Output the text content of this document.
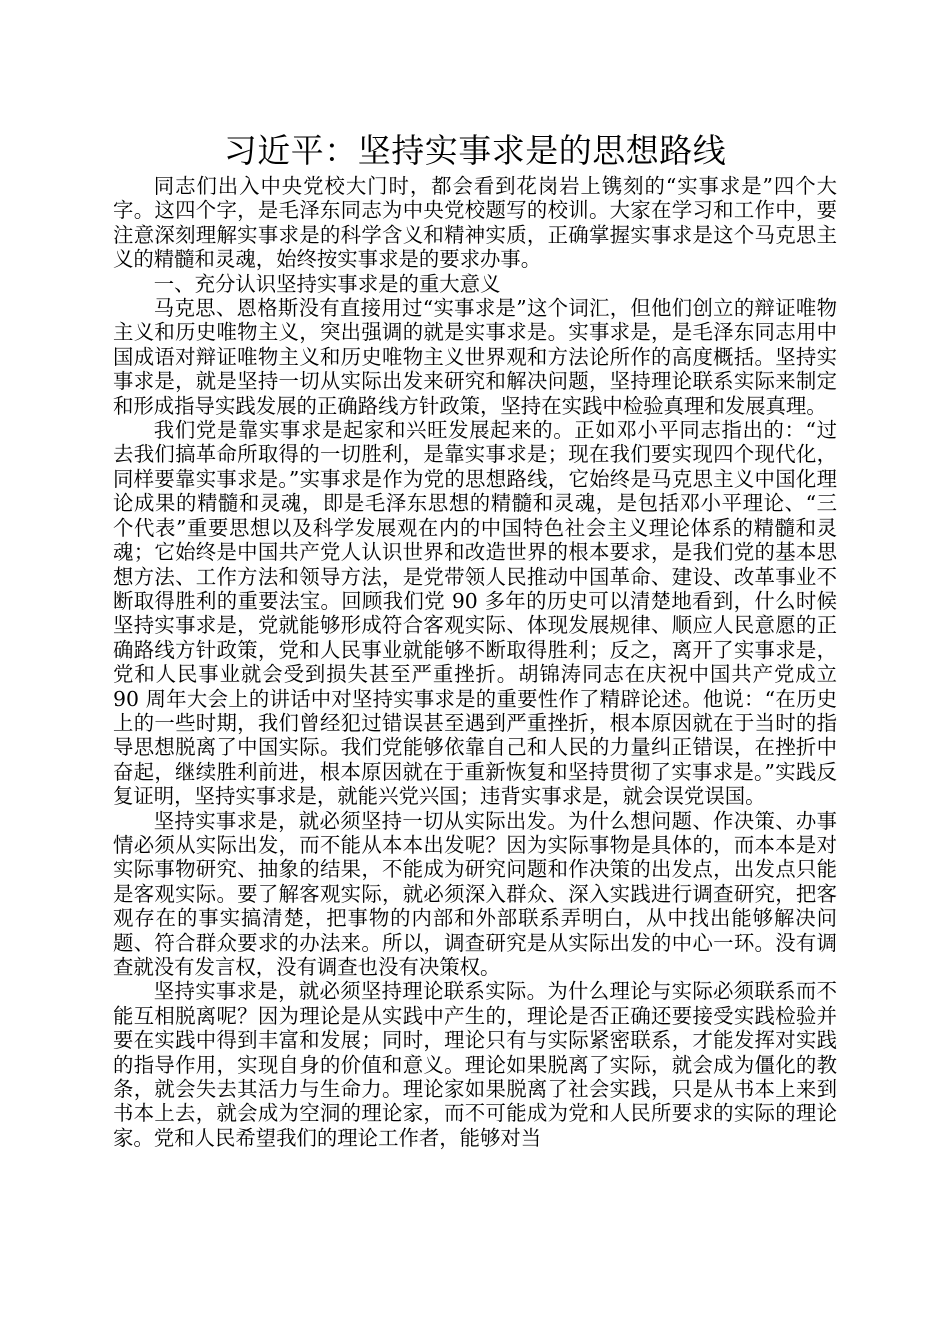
习近平：坚持实事求是的思想路线

同志们出入中央党校大门时，都会看到花岗岩上镌刻的“实事求是”四个大字。这四个字，是毛泽东同志为中央党校题写的校训。大家在学习和工作中，要注意深刻理解实事求是的科学含义和精神实质，正确掌握实事求是这个马克思主义的精髓和灵魂，始终按实事求是的要求办事。

一、充分认识坚持实事求是的重大意义

马克思、恩格斯没有直接用过“实事求是”这个词汇，但他们创立的辩证唯物主义和历史唯物主义，突出强调的就是实事求是。实事求是，是毛泽东同志用中国成语对辩证唯物主义和历史唯物主义世界观和方法论所作的高度概括。坚持实事求是，就是坚持一切从实际出发来研究和解决问题，坚持理论联系实际来制定和形成指导实践发展的正确路线方针政策，坚持在实践中检验真理和发展真理。

我们党是靠实事求是起家和兴旺发展起来的。正如邓小平同志指出的：“过去我们搞革命所取得的一切胜利，是靠实事求是；现在我们要实现四个现代化，同样要靠实事求是。”实事求是作为党的思想路线，它始终是马克思主义中国化理论成果的精髓和灵魂，即是毛泽东思想的精髓和灵魂，是包括邓小平理论、“三个代表”重要思想以及科学发展观在内的中国特色社会主义理论体系的精髓和灵魂；它始终是中国共产党人认识世界和改造世界的根本要求，是我们党的基本思想方法、工作方法和领导方法，是党带领人民推动中国革命、建设、改革事业不断取得胜利的重要法宝。回顾我们党 90 多年的历史可以清楚地看到，什么时候坚持实事求是，党就能够形成符合客观实际、体现发展规律、顺应人民意愿的正确路线方针政策，党和人民事业就能够不断取得胜利；反之，离开了实事求是，党和人民事业就会受到损失甚至严重挫折。胡锦涛同志在庆祝中国共产党成立 90 周年大会上的讲话中对坚持实事求是的重要性作了精辟论述。他说：“在历史上的一些时期，我们曾经犯过错误甚至遇到严重挫折，根本原因就在于当时的指导思想脱离了中国实际。我们党能够依靠自己和人民的力量纠正错误，在挫折中奋起，继续胜利前进，根本原因就在于重新恢复和坚持贯彻了实事求是。”实践反复证明，坚持实事求是，就能兴党兴国；违背实事求是，就会误党误国。

坚持实事求是，就必须坚持一切从实际出发。为什么想问题、作决策、办事情必须从实际出发，而不能从本本出发呢？因为实际事物是具体的，而本本是对实际事物研究、抽象的结果，不能成为研究问题和作决策的出发点，出发点只能是客观实际。要了解客观实际，就必须深入群众、深入实践进行调查研究，把客观存在的事实搞清楚，把事物的内部和外部联系弄明白，从中找出能够解决问题、符合群众要求的办法来。所以，调查研究是从实际出发的中心一环。没有调查就没有发言权，没有调查也没有决策权。

坚持实事求是，就必须坚持理论联系实际。为什么理论与实际必须联系而不能互相脱离呢？因为理论是从实践中产生的，理论是否正确还要接受实践检验并要在实践中得到丰富和发展；同时，理论只有与实际紧密联系，才能发挥对实践的指导作用，实现自身的价值和意义。理论如果脱离了实际，就会成为僵化的教条，就会失去其活力与生命力。理论家如果脱离了社会实践，只是从书本上来到书本上去，就会成为空洞的理论家，而不可能成为党和人民所要求的实际的理论家。党和人民希望我们的理论工作者，能够对当
